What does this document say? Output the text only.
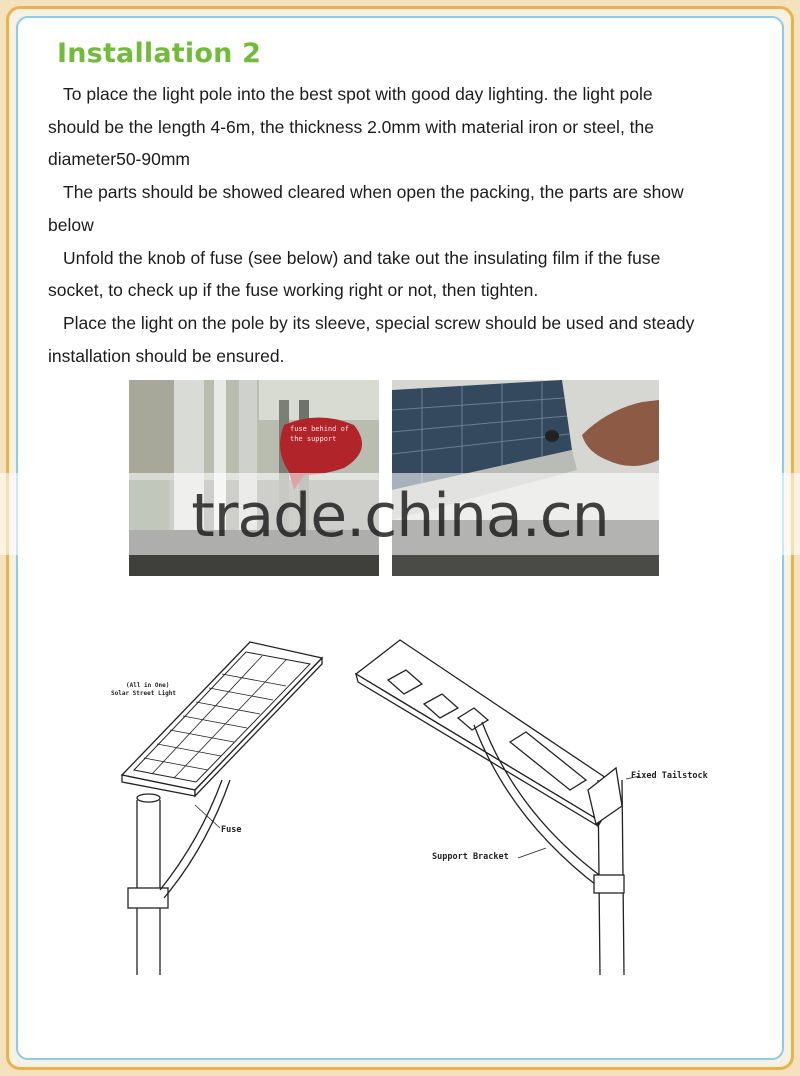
Installation 2

To place the light pole into the best spot with good day lighting. the light pole should be the length 4-6m, the thickness 2.0mm with material iron or steel, the diameter50-90mm

The parts should be showed cleared when open the packing, the parts are show below

Unfold the knob of fuse (see below) and take out the insulating film if the fuse socket, to check up if the fuse working right or not, then tighten.

Place the light on the pole by its sleeve, special screw should be used and steady installation should be ensured.

fuse behind of
the support
trade.china.cn
(All in One)
Solar Street Light
Fuse
Fixed Tailstock
Support Bracket
